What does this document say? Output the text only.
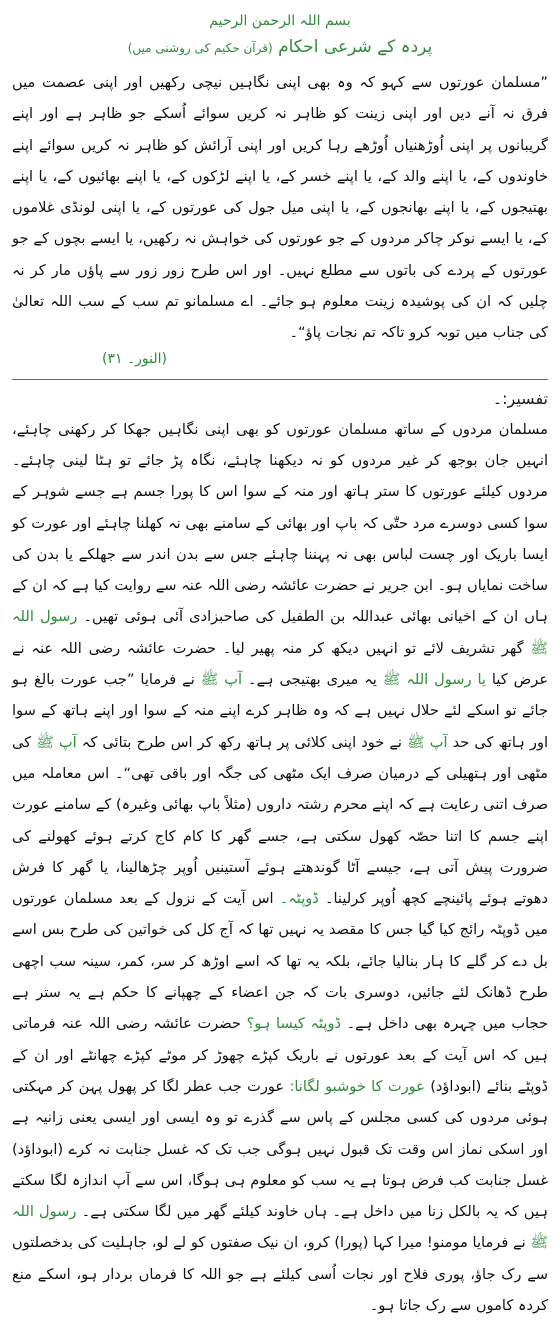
بسم اللہ الرحمن الرحیم
پردہ کے شرعی احکام (قرآن حکیم کی روشنی میں)

”مسلمان عورتوں سے کہو کہ وہ بھی اپنی نگاہیں نیچی رکھیں اور اپنی عصمت میں فرق نہ آنے دیں اور اپنی زینت کو ظاہر نہ کریں سوائے اُسکے جو ظاہر ہے اور اپنے گریبانوں پر اپنی اُوڑھنیاں اُوڑھے رہا کریں اور اپنی آرائش کو ظاہر نہ کریں سوائے اپنے خاوندوں کے، یا اپنے والد کے، یا اپنے خسر کے، یا اپنے لڑکوں کے، یا اپنے بھائیوں کے، یا اپنے بھتیجوں کے، یا اپنے بھانجوں کے، یا اپنی میل جول کی عورتوں کے، یا اپنی لونڈی غلاموں کے، یا ایسے نوکر چاکر مردوں کے جو عورتوں کی خواہش نہ رکھیں، یا ایسے بچوں کے جو عورتوں کے پردے کی باتوں سے مطلع نہیں۔ اور اس طرح زور زور سے پاؤں مار کر نہ چلیں کہ ان کی پوشیدہ زینت معلوم ہو جائے۔ اے مسلمانو تم سب کے سب اللہ تعالیٰ کی جناب میں توبہ کرو تاکہ تم نجات پاؤ“۔

(النور۔ ۳۱)
تفسیر:۔

مسلمان مردوں کے ساتھ مسلمان عورتوں کو بھی اپنی نگاہیں جھکا کر رکھنی چاہئے، انہیں جان بوجھ کر غیر مردوں کو نہ دیکھنا چاہئے، نگاہ پڑ جائے تو ہٹا لینی چاہئے۔ مردوں کیلئے عورتوں کا ستر ہاتھ اور منہ کے سوا اس کا پورا جسم ہے جسے شوہر کے سوا کسی دوسرے مرد حتّٰی کہ باپ اور بھائی کے سامنے بھی نہ کھلنا چاہئے اور عورت کو ایسا باریک اور چست لباس بھی نہ پہننا چاہئے جس سے بدن اندر سے جھلکے یا بدن کی ساخت نمایاں ہو۔ ابن جریر نے حضرت عائشہ رضی اللہ عنہ سے روایت کیا ہے کہ ان کے ہاں ان کے اخیانی بھائی عبداللہ بن الطفیل کی صاحبزادی آئی ہوئی تھیں۔ رسول اللہ ﷺ گھر تشریف لائے تو انہیں دیکھ کر منہ پھیر لیا۔ حضرت عائشہ رضی اللہ عنہ نے عرض کیا یا رسول اللہ ﷺ یہ میری بھتیجی ہے۔ آپ ﷺ نے فرمایا ”جب عورت بالغ ہو جائے تو اسکے لئے حلال نہیں ہے کہ وہ ظاہر کرے اپنے منہ کے سوا اور اپنے ہاتھ کے سوا اور ہاتھ کی حد آپ ﷺ نے خود اپنی کلائی پر ہاتھ رکھ کر اس طرح بتائی کہ آپ ﷺ کی مٹھی اور ہتھیلی کے درمیان صرف ایک مٹھی کی جگہ اور باقی تھی“۔ اس معاملہ میں صرف اتنی رعایت ہے کہ اپنے محرم رشتہ داروں (مثلاً باپ بھائی وغیرہ) کے سامنے عورت اپنے جسم کا اتنا حصّہ کھول سکتی ہے، جسے گھر کا کام کاج کرتے ہوئے کھولنے کی ضرورت پیش آتی ہے، جیسے آٹا گوندھتے ہوئے آستینیں اُوپر چڑھالینا، یا گھر کا فرش دھوتے ہوئے پائینچے کچھ اُوپر کرلینا۔ ڈوپٹہ۔ اس آیت کے نزول کے بعد مسلمان عورتوں میں ڈوپٹہ رائج کیا گیا جس کا مقصد یہ نہیں تھا کہ آج کل کی خواتین کی طرح بس اسے بل دے کر گلے کا ہار بنالیا جائے، بلکہ یہ تھا کہ اسے اوڑھ کر سر، کمر، سینہ سب اچھی طرح ڈھانک لئے جائیں، دوسری بات کہ جن اعضاء کے چھپانے کا حکم ہے یہ ستر ہے حجاب میں چہرہ بھی داخل ہے۔ ڈوپٹہ کیسا ہو؟ حضرت عائشہ رضی اللہ عنہ فرماتی ہیں کہ اس آیت کے بعد عورتوں نے باریک کپڑے چھوڑ کر موٹے کپڑے چھانٹے اور ان کے ڈوپٹے بنائے (ابوداؤد) عورت کا خوشبو لگانا: عورت جب عطر لگا کر پھول پہن کر مہکتی ہوئی مردوں کی کسی مجلس کے پاس سے گذرے تو وہ ایسی اور ایسی یعنی زانیہ ہے اور اسکی نماز اس وقت تک قبول نہیں ہوگی جب تک کہ غسل جنابت نہ کرے (ابوداؤد) غسل جنابت کب فرض ہوتا ہے یہ سب کو معلوم ہی ہوگا، اس سے آپ اندازہ لگا سکتے ہیں کہ یہ بالکل زنا میں داخل ہے۔ ہاں خاوند کیلئے گھر میں لگا سکتی ہے۔ رسول اللہ ﷺ نے فرمایا مومنو! میرا کہا (پورا) کرو، ان نیک صفتوں کو لے لو، جاہلیت کی بدخصلتوں سے رک جاؤ، پوری فلاح اور نجات اُسی کیلئے ہے جو اللہ کا فرماں بردار ہو، اسکے منع کردہ کاموں سے رک جاتا ہو۔
